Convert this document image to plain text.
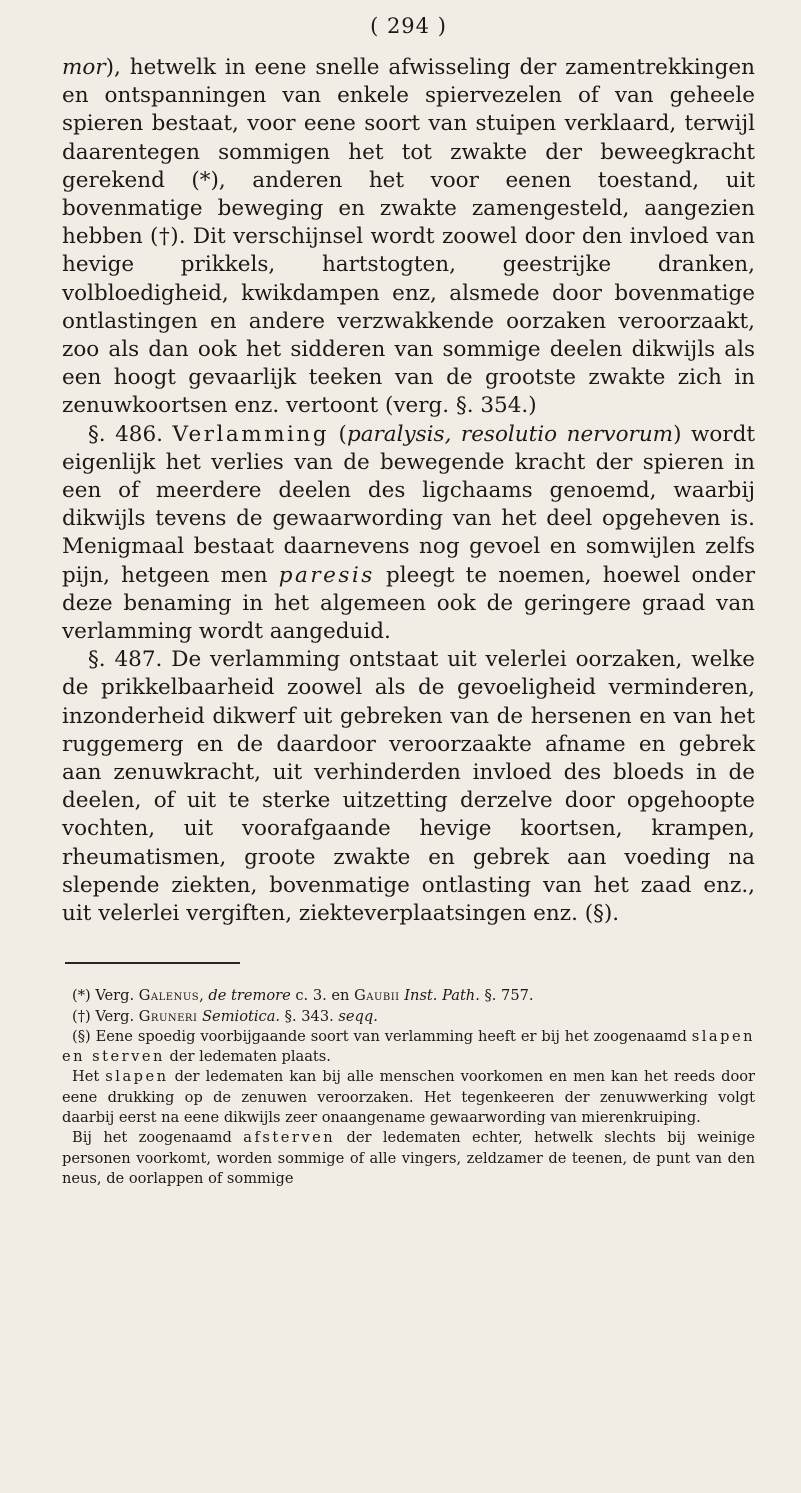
( 294 )

mor), hetwelk in eene snelle afwisseling der zamentrekkingen en ontspanningen van enkele spiervezelen of van geheele spieren bestaat, voor eene soort van stuipen verklaard, terwijl daarentegen sommigen het tot zwakte der beweegkracht gerekend (*), anderen het voor eenen toestand, uit bovenmatige beweging en zwakte zamengesteld, aangezien hebben (†). Dit verschijnsel wordt zoowel door den invloed van hevige prikkels, hartstogten, geestrijke dranken, volbloedigheid, kwikdampen enz, alsmede door bovenmatige ontlastingen en andere verzwakkende oorzaken veroorzaakt, zoo als dan ook het sidderen van sommige deelen dikwijls als een hoogt gevaarlijk teeken van de grootste zwakte zich in zenuwkoortsen enz. vertoont (verg. §. 354.)

§. 486. Verlamming (paralysis, resolutio nervorum) wordt eigenlijk het verlies van de bewegende kracht der spieren in een of meerdere deelen des ligchaams genoemd, waarbij dikwijls tevens de gewaarwording van het deel opgeheven is. Menigmaal bestaat daarnevens nog gevoel en somwijlen zelfs pijn, hetgeen men paresis pleegt te noemen, hoewel onder deze benaming in het algemeen ook de geringere graad van verlamming wordt aangeduid.

§. 487. De verlamming ontstaat uit velerlei oorzaken, welke de prikkelbaarheid zoowel als de gevoeligheid verminderen, inzonderheid dikwerf uit gebreken van de hersenen en van het ruggemerg en de daardoor veroorzaakte afname en gebrek aan zenuwkracht, uit verhinderden invloed des bloeds in de deelen, of uit te sterke uitzetting derzelve door opgehoopte vochten, uit voorafgaande hevige koortsen, krampen, rheumatismen, groote zwakte en gebrek aan voeding na slepende ziekten, bovenmatige ontlasting van het zaad enz., uit velerlei vergiften, ziekteverplaatsingen enz. (§).

(*) Verg. Galenus, de tremore c. 3. en Gaubii Inst. Path. §. 757.

(†) Verg. Gruneri Semiotica. §. 343. seqq.

(§) Eene spoedig voorbijgaande soort van verlamming heeft er bij het zoogenaamd slapen en sterven der ledematen plaats.

Het slapen der ledematen kan bij alle menschen voorkomen en men kan het reeds door eene drukking op de zenuwen veroorzaken. Het tegenkeeren der zenuwwerking volgt daarbij eerst na eene dikwijls zeer onaangename gewaarwording van mierenkruiping.

Bij het zoogenaamd afsterven der ledematen echter, hetwelk slechts bij weinige personen voorkomt, worden sommige of alle vingers, zeldzamer de teenen, de punt van den neus, de oorlappen of sommige
